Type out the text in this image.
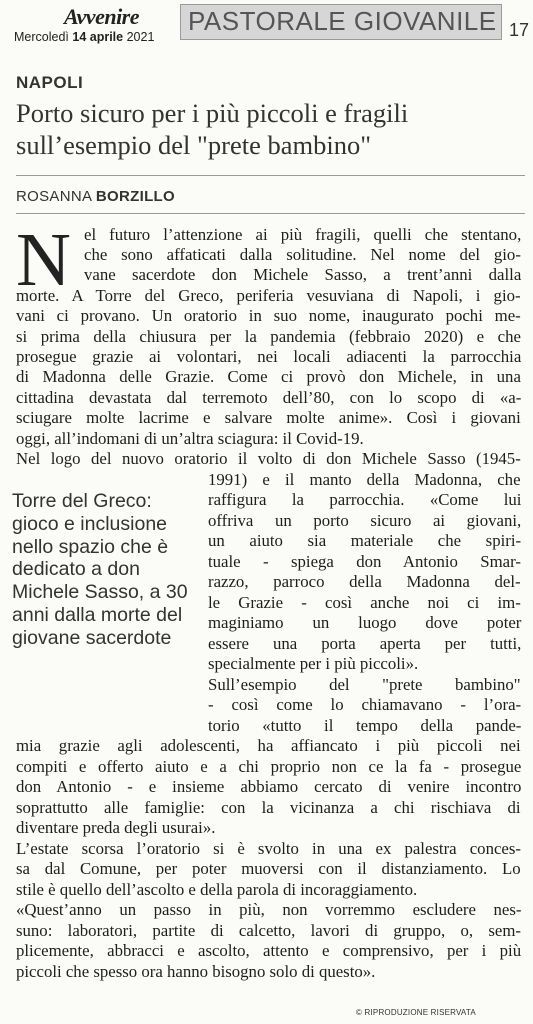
Avvenire
Mercoledì 14 aprile 2021
PASTORALE GIOVANILE 17
NAPOLI
Porto sicuro per i più piccoli e fragili sull’esempio del "prete bambino"
ROSANNA BORZILLO
N
Torre del Greco: gioco e inclusione nello spazio che è dedicato a don Michele Sasso, a 30 anni dalla morte del giovane sacerdote
el futuro l’attenzione ai più fragili, quelli che stentano,
che sono affaticati dalla solitudine. Nel nome del gio-
vane sacerdote don Michele Sasso, a trent’anni dalla
morte. A Torre del Greco, periferia vesuviana di Napoli, i gio-
vani ci provano. Un oratorio in suo nome, inaugurato pochi me-
si prima della chiusura per la pandemia (febbraio 2020) e che
prosegue grazie ai volontari, nei locali adiacenti la parrocchia
di Madonna delle Grazie. Come ci provò don Michele, in una
cittadina devastata dal terremoto dell’80, con lo scopo di «a-
sciugare molte lacrime e salvare molte anime». Così i giovani
oggi, all’indomani di un’altra sciagura: il Covid-19.
Nel logo del nuovo oratorio il volto di don Michele Sasso (1945-
1991) e il manto della Madonna, che
raffigura la parrocchia. «Come lui
offriva un porto sicuro ai giovani,
un aiuto sia materiale che spiri-
tuale - spiega don Antonio Smar-
razzo, parroco della Madonna del-
le Grazie - così anche noi ci im-
maginiamo un luogo dove poter
essere una porta aperta per tutti,
specialmente per i più piccoli».
Sull’esempio del "prete bambino"
- così come lo chiamavano - l’ora-
torio «tutto il tempo della pande-
mia grazie agli adolescenti, ha affiancato i più piccoli nei
compiti e offerto aiuto e a chi proprio non ce la fa - prosegue
don Antonio - e insieme abbiamo cercato di venire incontro
soprattutto alle famiglie: con la vicinanza a chi rischiava di
diventare preda degli usurai».
L’estate scorsa l’oratorio si è svolto in una ex palestra conces-
sa dal Comune, per poter muoversi con il distanziamento. Lo
stile è quello dell’ascolto e della parola di incoraggiamento.
«Quest’anno un passo in più, non vorremmo escludere nes-
suno: laboratori, partite di calcetto, lavori di gruppo, o, sem-
plicemente, abbracci e ascolto, attento e comprensivo, per i più
piccoli che spesso ora hanno bisogno solo di questo».
© RIPRODUZIONE RISERVATA
